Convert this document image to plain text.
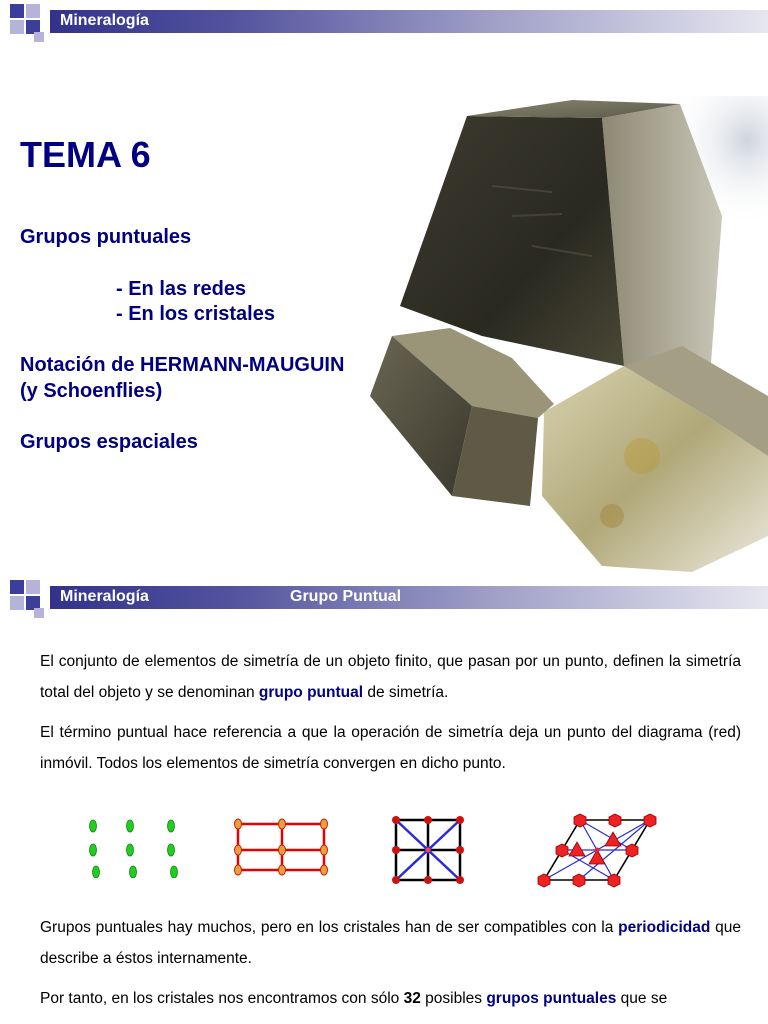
Mineralogía
TEMA 6
Grupos puntuales
- En las redes
- En los cristales
Notación de HERMANN-MAUGUIN
(y Schoenflies)
Grupos espaciales
Mineralogía	Grupo Puntual
El conjunto de elementos de simetría de un objeto finito, que pasan por un punto, definen la simetría total del objeto y se denominan grupo puntual de simetría.
El término puntual hace referencia a que la operación de simetría deja un punto del diagrama (red) inmóvil. Todos los elementos de simetría convergen en dicho punto.
Grupos puntuales hay muchos, pero en los cristales han de ser compatibles con la periodicidad que describe a éstos internamente.
Por tanto, en los cristales nos encontramos con sólo 32 posibles grupos puntuales que se
